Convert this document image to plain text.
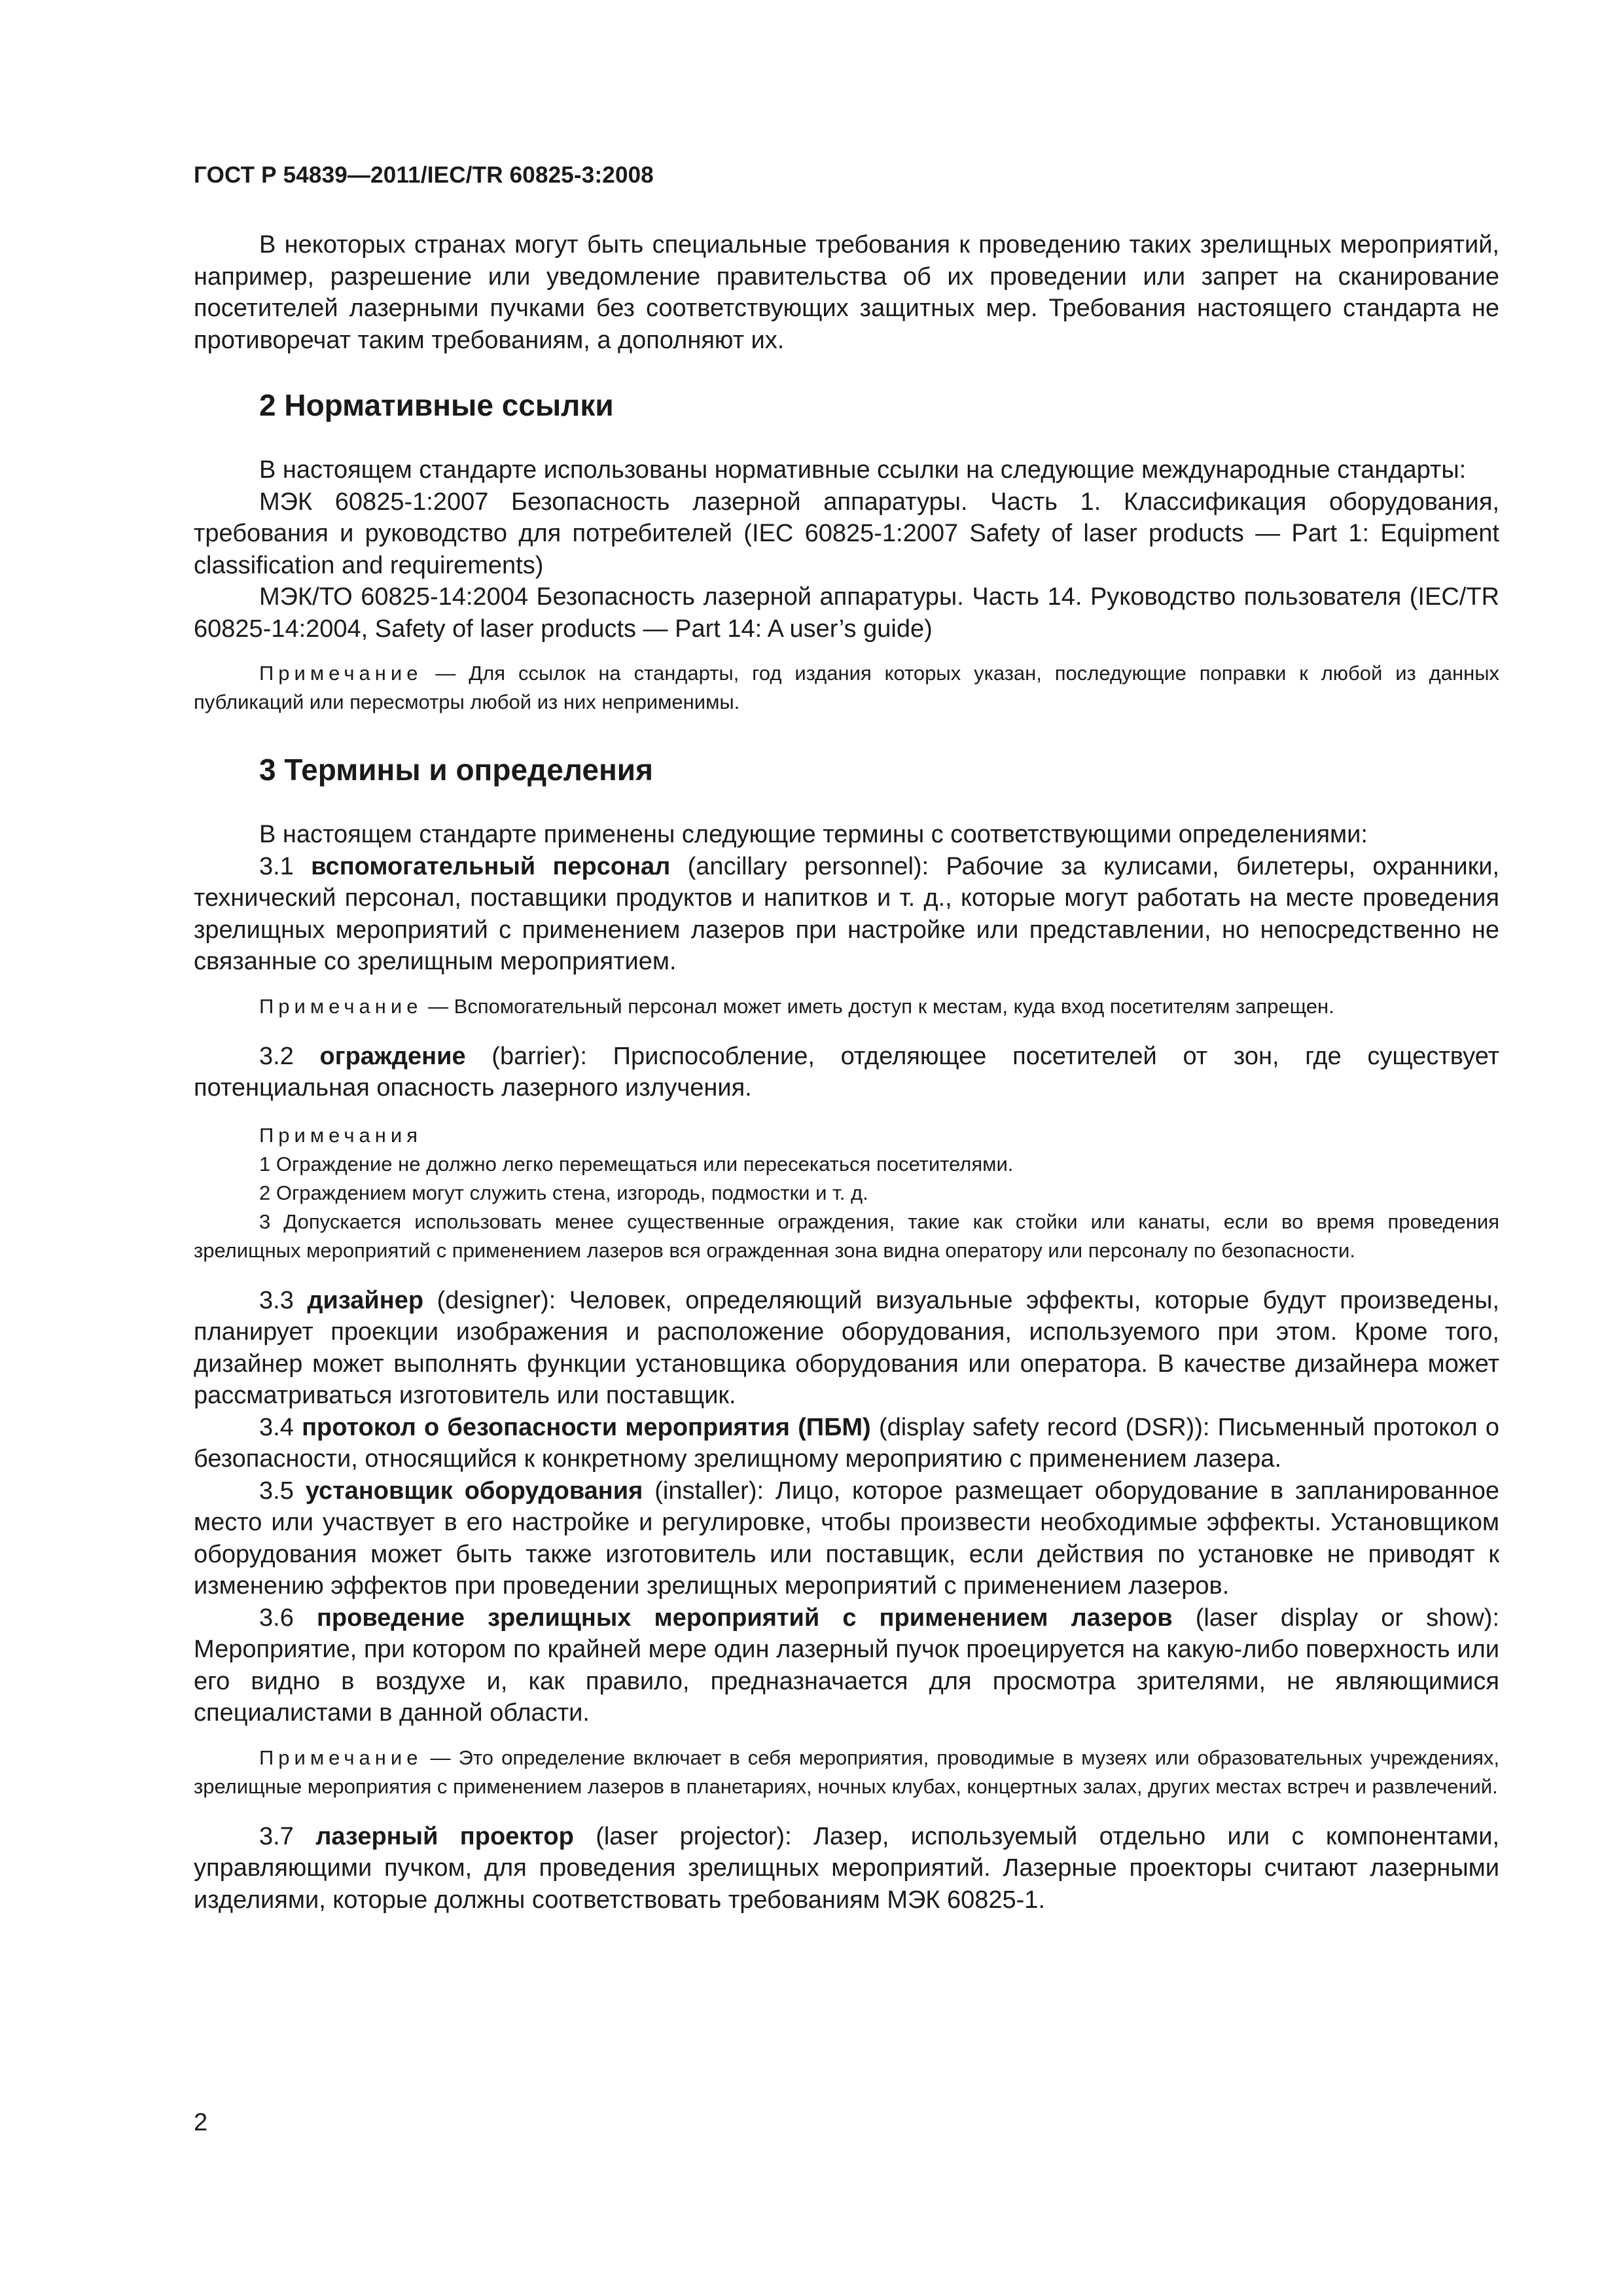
ГОСТ Р 54839—2011/IEC/TR 60825-3:2008

В некоторых странах могут быть специальные требования к проведению таких зрелищных мероприятий, например, разрешение или уведомление правительства об их проведении или запрет на сканирование посетителей лазерными пучками без соответствующих защитных мер. Требования настоящего стандарта не противоречат таким требованиям, а дополняют их.

2 Нормативные ссылки

В настоящем стандарте использованы нормативные ссылки на следующие международные стандарты:

МЭК 60825-1:2007 Безопасность лазерной аппаратуры. Часть 1. Классификация оборудования, требования и руководство для потребителей (IEC 60825-1:2007 Safety of laser products — Part 1: Equipment classification and requirements)

МЭК/ТО 60825-14:2004 Безопасность лазерной аппаратуры. Часть 14. Руководство пользователя (IEC/TR 60825-14:2004, Safety of laser products — Part 14: A user’s guide)

Примечание — Для ссылок на стандарты, год издания которых указан, последующие поправки к любой из данных публикаций или пересмотры любой из них неприменимы.

3 Термины и определения

В настоящем стандарте применены следующие термины с соответствующими определениями:

3.1 вспомогательный персонал (ancillary personnel): Рабочие за кулисами, билетеры, охранники, технический персонал, поставщики продуктов и напитков и т. д., которые могут работать на месте проведения зрелищных мероприятий с применением лазеров при настройке или представлении, но непосредственно не связанные со зрелищным мероприятием.

Примечание — Вспомогательный персонал может иметь доступ к местам, куда вход посетителям запрещен.

3.2 ограждение (barrier): Приспособление, отделяющее посетителей от зон, где существует потенциальная опасность лазерного излучения.

Примечания

1 Ограждение не должно легко перемещаться или пересекаться посетителями.

2 Ограждением могут служить стена, изгородь, подмостки и т. д.

3 Допускается использовать менее существенные ограждения, такие как стойки или канаты, если во время проведения зрелищных мероприятий с применением лазеров вся огражденная зона видна оператору или персоналу по безопасности.

3.3 дизайнер (designer): Человек, определяющий визуальные эффекты, которые будут произведены, планирует проекции изображения и расположение оборудования, используемого при этом. Кроме того, дизайнер может выполнять функции установщика оборудования или оператора. В качестве дизайнера может рассматриваться изготовитель или поставщик.

3.4 протокол о безопасности мероприятия (ПБМ) (display safety record (DSR)): Письменный протокол о безопасности, относящийся к конкретному зрелищному мероприятию с применением лазера.

3.5 установщик оборудования (installer): Лицо, которое размещает оборудование в запланированное место или участвует в его настройке и регулировке, чтобы произвести необходимые эффекты. Установщиком оборудования может быть также изготовитель или поставщик, если действия по установке не приводят к изменению эффектов при проведении зрелищных мероприятий с применением лазеров.

3.6 проведение зрелищных мероприятий с применением лазеров (laser display or show): Мероприятие, при котором по крайней мере один лазерный пучок проецируется на какую-либо поверхность или его видно в воздухе и, как правило, предназначается для просмотра зрителями, не являющимися специалистами в данной области.

Примечание — Это определение включает в себя мероприятия, проводимые в музеях или образовательных учреждениях, зрелищные мероприятия с применением лазеров в планетариях, ночных клубах, концертных залах, других местах встреч и развлечений.

3.7 лазерный проектор (laser projector): Лазер, используемый отдельно или с компонентами, управляющими пучком, для проведения зрелищных мероприятий. Лазерные проекторы считают лазерными изделиями, которые должны соответствовать требованиям МЭК 60825-1.

2
